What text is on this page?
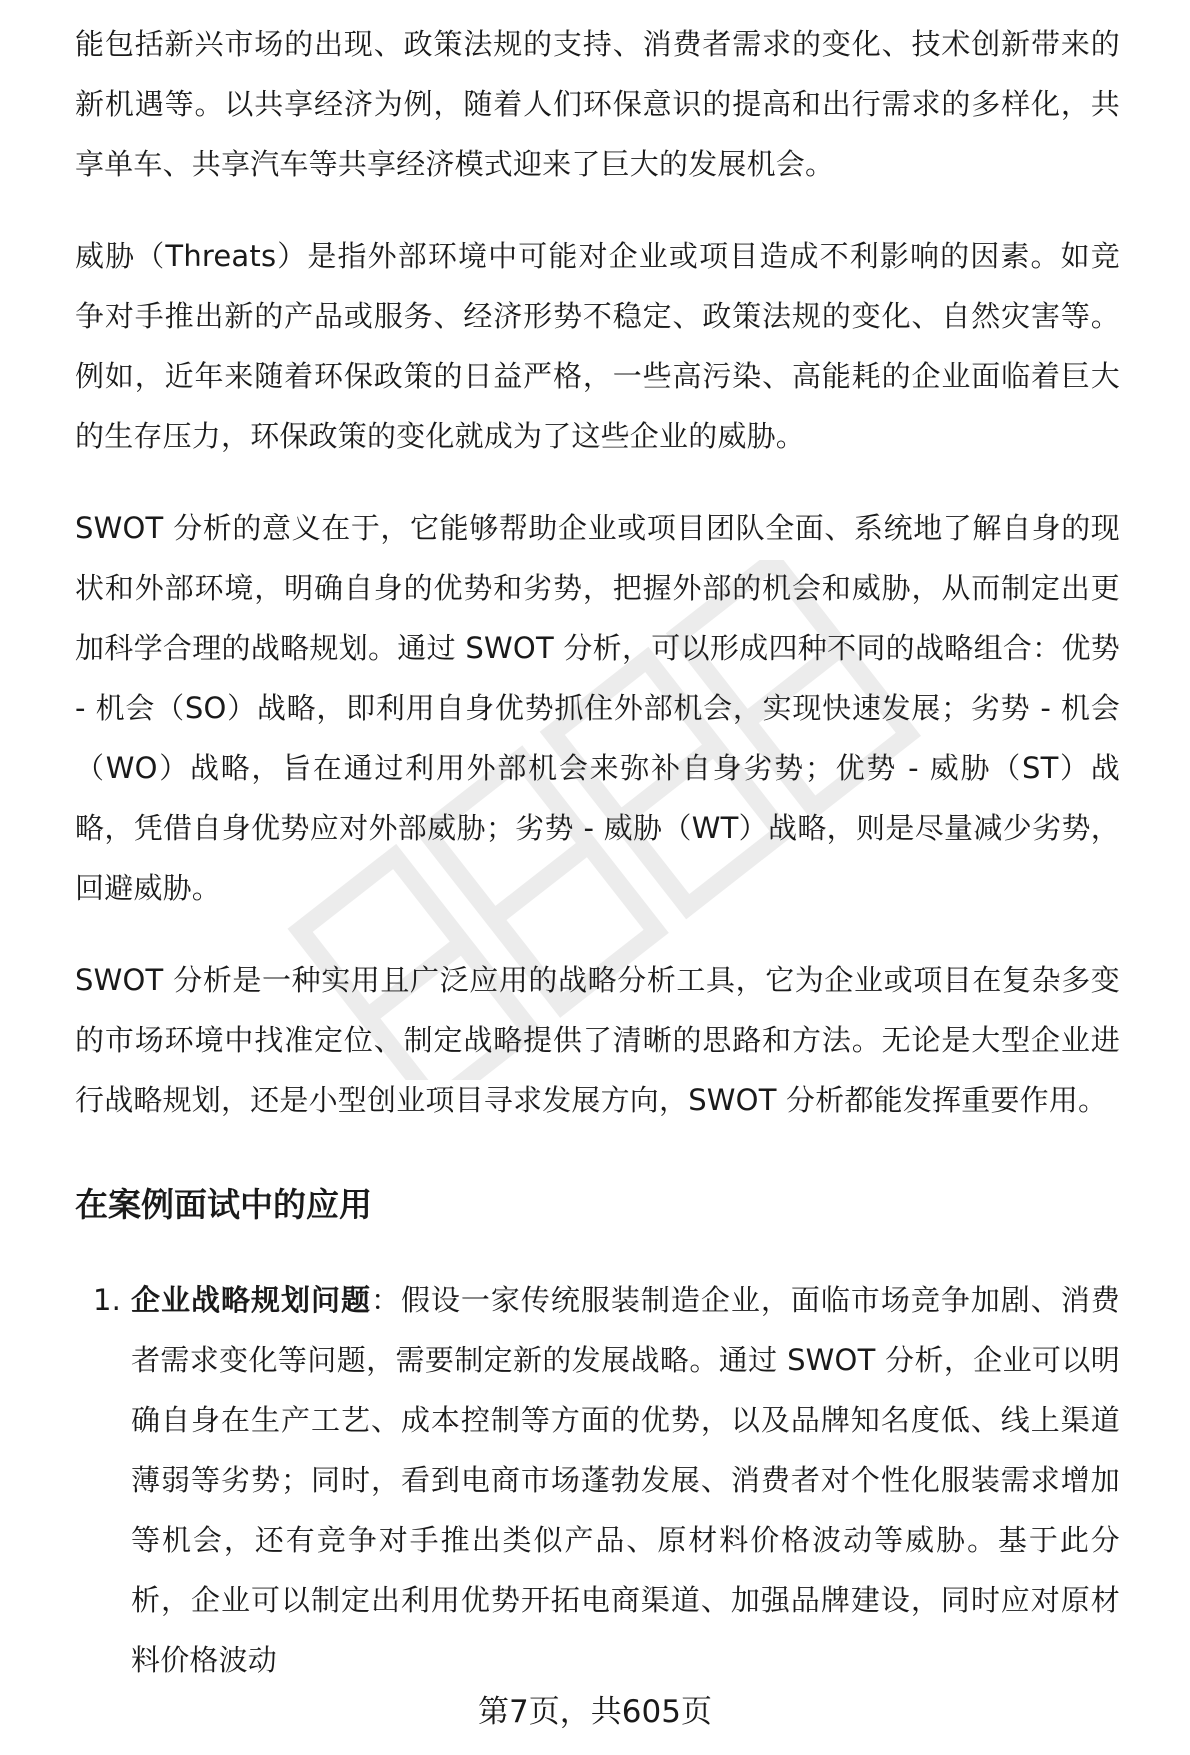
能包括新兴市场的出现、政策法规的支持、消费者需求的变化、技术创新带来的新机遇等。以共享经济为例，随着人们环保意识的提高和出行需求的多样化，共享单车、共享汽车等共享经济模式迎来了巨大的发展机会。

威胁（Threats）是指外部环境中可能对企业或项目造成不利影响的因素。如竞争对手推出新的产品或服务、经济形势不稳定、政策法规的变化、自然灾害等。例如，近年来随着环保政策的日益严格，一些高污染、高能耗的企业面临着巨大的生存压力，环保政策的变化就成为了这些企业的威胁。

SWOT 分析的意义在于，它能够帮助企业或项目团队全面、系统地了解自身的现状和外部环境，明确自身的优势和劣势，把握外部的机会和威胁，从而制定出更加科学合理的战略规划。通过 SWOT 分析，可以形成四种不同的战略组合：优势 - 机会（SO）战略，即利用自身优势抓住外部机会，实现快速发展；劣势 - 机会（WO）战略，旨在通过利用外部机会来弥补自身劣势；优势 - 威胁（ST）战略，凭借自身优势应对外部威胁；劣势 - 威胁（WT）战略，则是尽量减少劣势，回避威胁。

SWOT 分析是一种实用且广泛应用的战略分析工具，它为企业或项目在复杂多变的市场环境中找准定位、制定战略提供了清晰的思路和方法。无论是大型企业进行战略规划，还是小型创业项目寻求发展方向，SWOT 分析都能发挥重要作用。

在案例面试中的应用
1. 企业战略规划问题：假设一家传统服装制造企业，面临市场竞争加剧、消费者需求变化等问题，需要制定新的发展战略。通过 SWOT 分析，企业可以明确自身在生产工艺、成本控制等方面的优势，以及品牌知名度低、线上渠道薄弱等劣势；同时，看到电商市场蓬勃发展、消费者对个性化服装需求增加等机会，还有竞争对手推出类似产品、原材料价格波动等威胁。基于此分析，企业可以制定出利用优势开拓电商渠道、加强品牌建设，同时应对原材料价格波动
第7页，共605页
